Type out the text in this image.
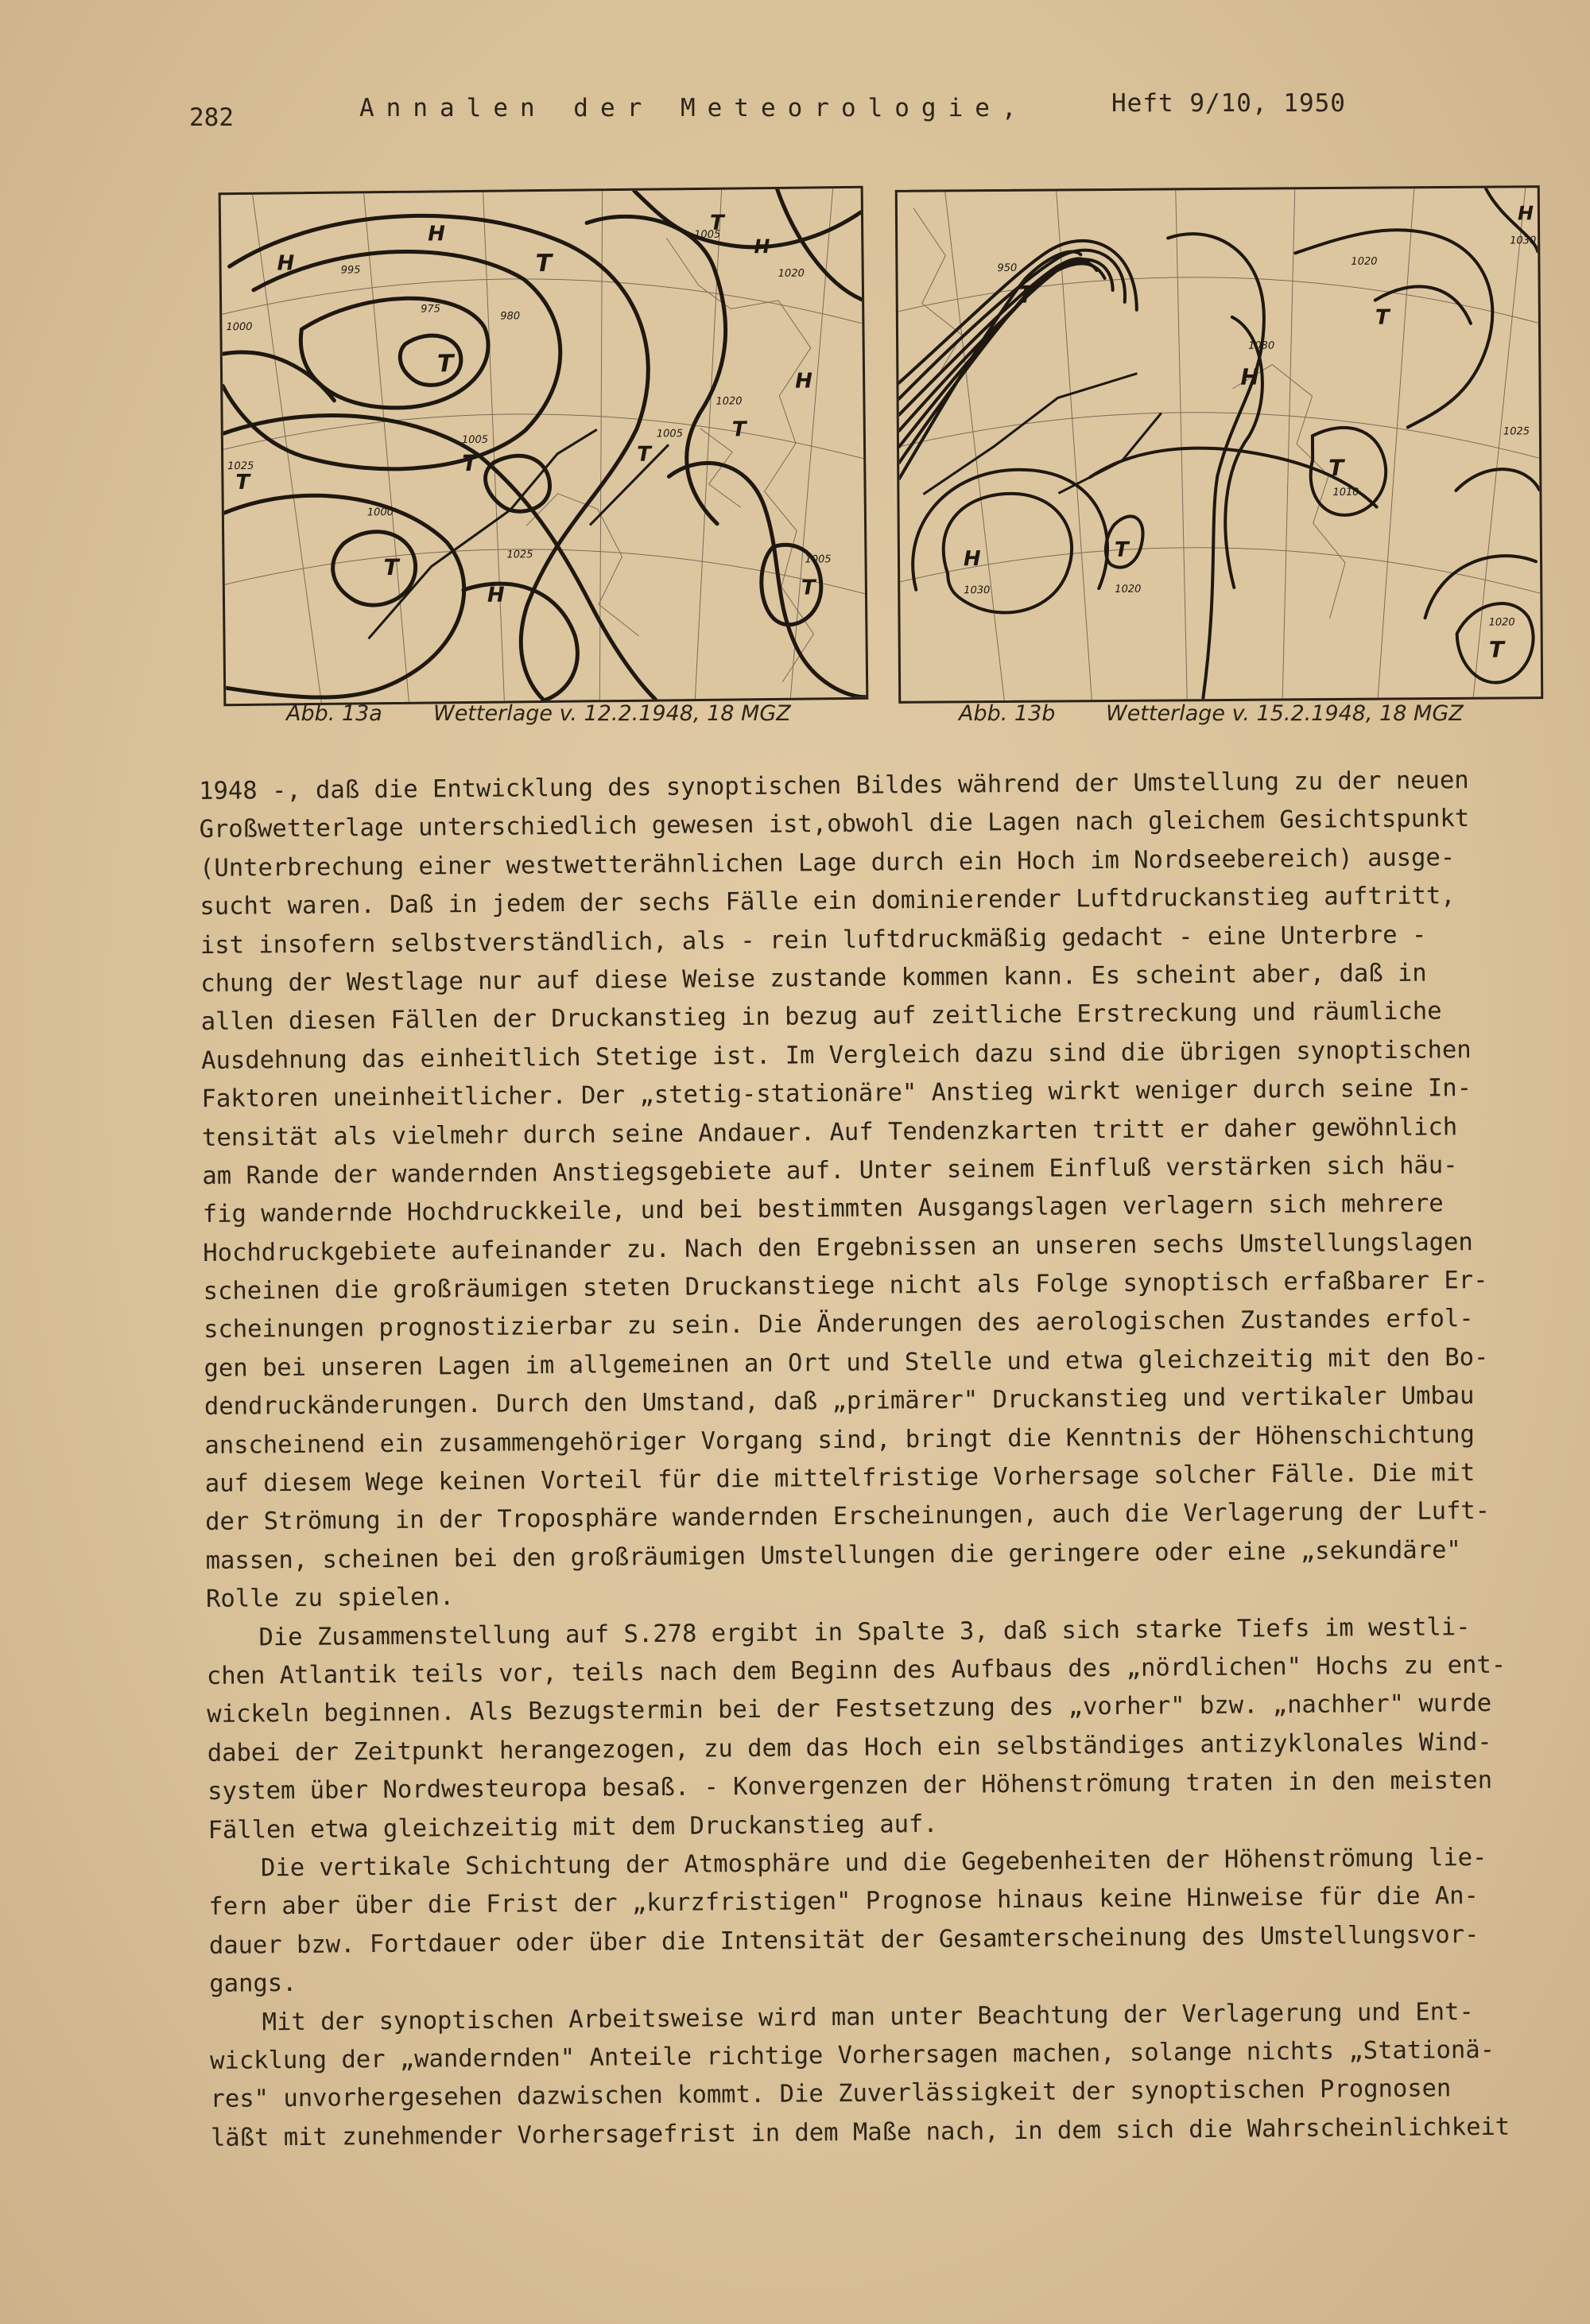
282	Annalen der Meteorologie,	Heft 9/10, 1950
H
H
T
T
T
T
T
T
H
H
T
T
H
T
995
980
975
1005
1020
1000
1020
1025
1005
1000
1025
1005
1005
Abb. 13a Wetterlage v. 12.2.1948, 18 MGZ
H
T
H
T
H
T
T
T
950
1020
1030
1030
1025
1010
1030	1020
1020
Abb. 13b Wetterlage v. 15.2.1948, 18 MGZ
1948 -, daß die Entwicklung des synoptischen Bildes während der Umstellung zu der neuen
Großwetterlage unterschiedlich gewesen ist,obwohl die Lagen nach gleichem Gesichtspunkt
(Unterbrechung einer westwetterähnlichen Lage durch ein Hoch im Nordseebereich) ausge-
sucht waren. Daß in jedem der sechs Fälle ein dominierender Luftdruckanstieg auftritt,
ist insofern selbstverständlich, als - rein luftdruckmäßig gedacht - eine Unterbre -
chung der Westlage nur auf diese Weise zustande kommen kann. Es scheint aber, daß in
allen diesen Fällen der Druckanstieg in bezug auf zeitliche Erstreckung und räumliche
Ausdehnung das einheitlich Stetige ist. Im Vergleich dazu sind die übrigen synoptischen
Faktoren uneinheitlicher. Der „stetig-stationäre" Anstieg wirkt weniger durch seine In-
tensität als vielmehr durch seine Andauer. Auf Tendenzkarten tritt er daher gewöhnlich
am Rande der wandernden Anstiegsgebiete auf. Unter seinem Einfluß verstärken sich häu-
fig wandernde Hochdruckkeile, und bei bestimmten Ausgangslagen verlagern sich mehrere
Hochdruckgebiete aufeinander zu. Nach den Ergebnissen an unseren sechs Umstellungslagen
scheinen die großräumigen steten Druckanstiege nicht als Folge synoptisch erfaßbarer Er-
scheinungen prognostizierbar zu sein. Die Änderungen des aerologischen Zustandes erfol-
gen bei unseren Lagen im allgemeinen an Ort und Stelle und etwa gleichzeitig mit den Bo-
dendruckänderungen. Durch den Umstand, daß „primärer" Druckanstieg und vertikaler Umbau
anscheinend ein zusammengehöriger Vorgang sind, bringt die Kenntnis der Höhenschichtung
auf diesem Wege keinen Vorteil für die mittelfristige Vorhersage solcher Fälle. Die mit
der Strömung in der Troposphäre wandernden Erscheinungen, auch die Verlagerung der Luft-
massen, scheinen bei den großräumigen Umstellungen die geringere oder eine „sekundäre"
Rolle zu spielen.
Die Zusammenstellung auf S.278 ergibt in Spalte 3, daß sich starke Tiefs im westli-
chen Atlantik teils vor, teils nach dem Beginn des Aufbaus des „nördlichen" Hochs zu ent-
wickeln beginnen. Als Bezugstermin bei der Festsetzung des „vorher" bzw. „nachher" wurde
dabei der Zeitpunkt herangezogen, zu dem das Hoch ein selbständiges antizyklonales Wind-
system über Nordwesteuropa besaß. - Konvergenzen der Höhenströmung traten in den meisten
Fällen etwa gleichzeitig mit dem Druckanstieg auf.
Die vertikale Schichtung der Atmosphäre und die Gegebenheiten der Höhenströmung lie-
fern aber über die Frist der „kurzfristigen" Prognose hinaus keine Hinweise für die An-
dauer bzw. Fortdauer oder über die Intensität der Gesamterscheinung des Umstellungsvor-
gangs.
Mit der synoptischen Arbeitsweise wird man unter Beachtung der Verlagerung und Ent-
wicklung der „wandernden" Anteile richtige Vorhersagen machen, solange nichts „Stationä-
res" unvorhergesehen dazwischen kommt. Die Zuverlässigkeit der synoptischen Prognosen
läßt mit zunehmender Vorhersagefrist in dem Maße nach, in dem sich die Wahrscheinlichkeit
